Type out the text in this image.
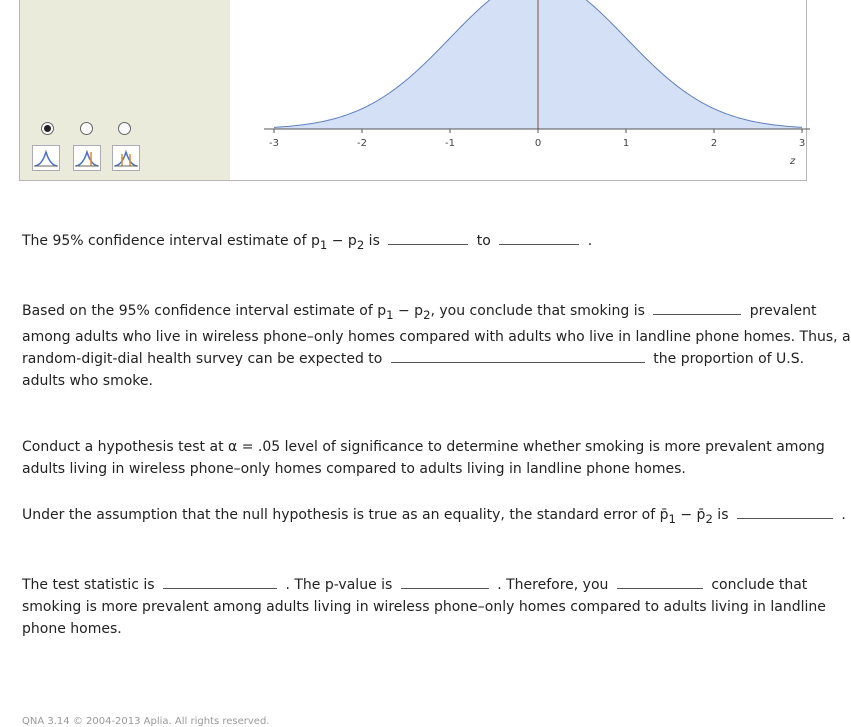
-3	-2	-1	0	1	2	3
z
The 95% confidence interval estimate of $p_1 - p_2$ is	to	.
Based on the 95% confidence interval estimate of $p_1 - p_2$, you conclude that smoking is	prevalent
among adults who live in wireless phone–only homes compared with adults who live in landline phone homes. Thus, a
random-digit-dial health survey can be expected to	the proportion of U.S.
adults who smoke.
Conduct a hypothesis test at α = .05 level of significance to determine whether smoking is more prevalent among
adults living in wireless phone–only homes compared to adults living in landline phone homes.
Under the assumption that the null hypothesis is true as an equality, the standard error of $p̄_1$ − $p̄_2$ is	.
The test statistic is	. The p-value is	. Therefore, you	conclude that
smoking is more prevalent among adults living in wireless phone–only homes compared to adults living in landline
phone homes.
QNA 3.14 © 2004-2013 Aplia. All rights reserved.
